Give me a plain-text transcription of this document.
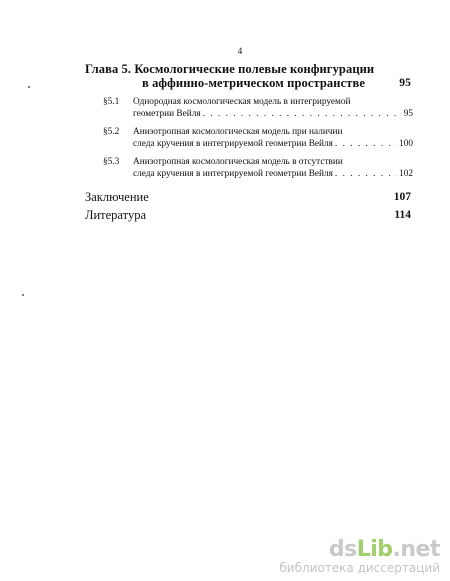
4
Глава 5. Космологические полевые конфигурации
в аффинно-метрическом пространстве	95
§5.1 Однородная космологическая модель в интегрируемой
геометрии Вейля . . .	95
§5.2 Анизотропная космологическая модель при наличии
следа кручения в интегрируемой геометрии Вейля . . .	100
§5.3 Анизотропная космологическая модель в отсутствии
следа кручения в интегрируемой геометрии Вейля . . .	102
Заключение	107
Литература	114
dsLib.net
библиотека диссертаций
